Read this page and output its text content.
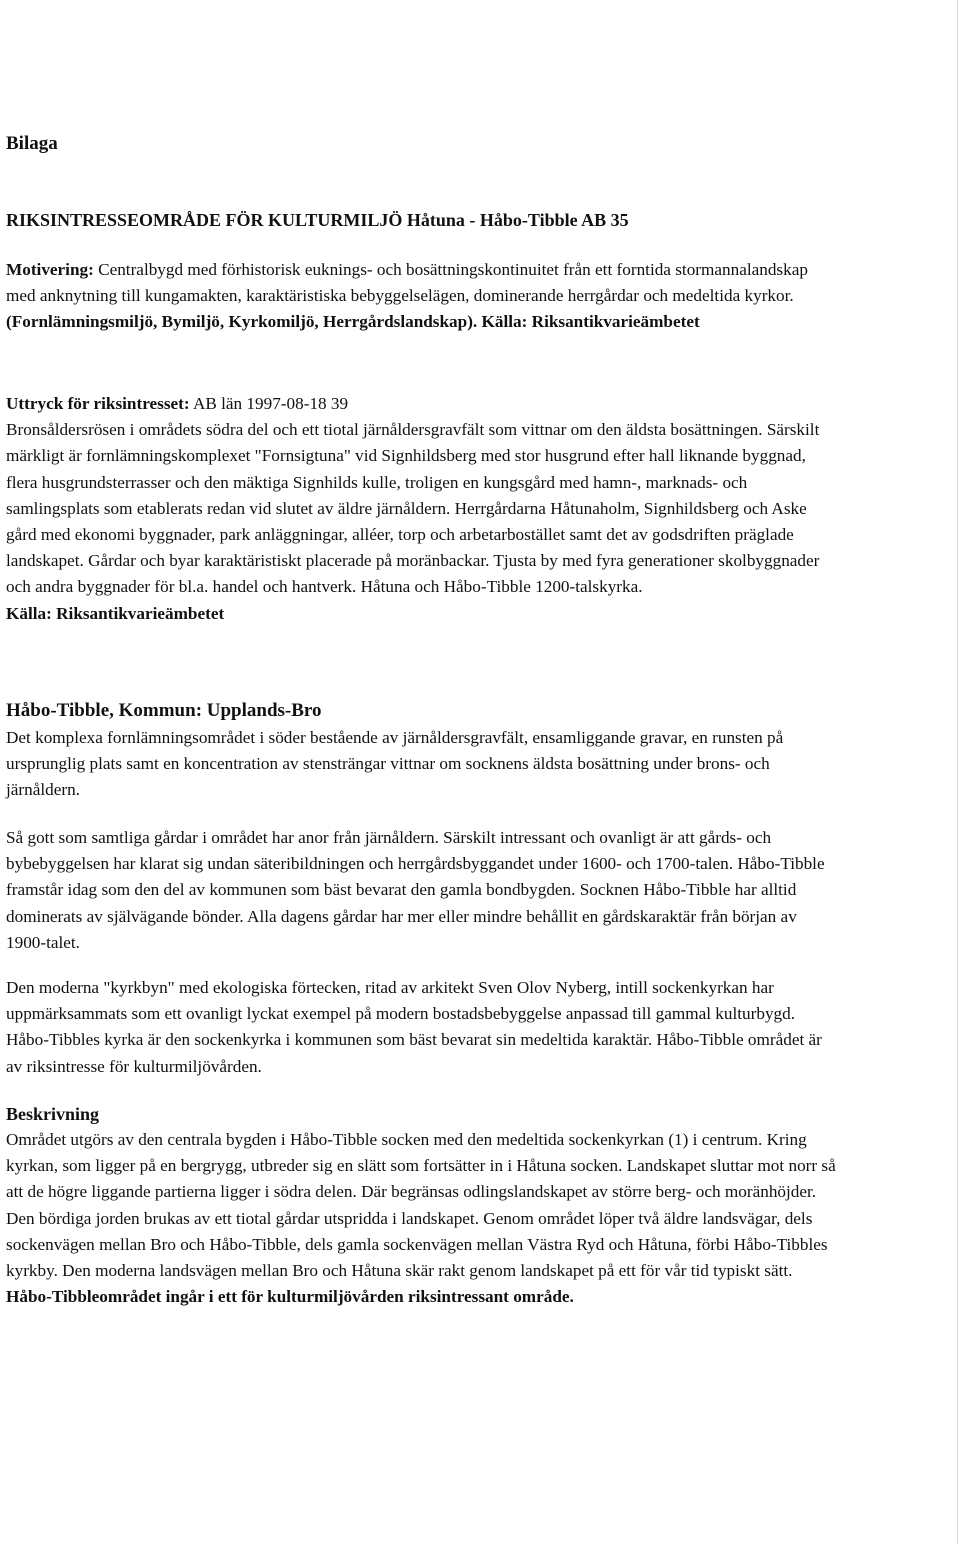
Bilaga
RIKSINTRESSEOMRÅDE FÖR KULTURMILJÖ Håtuna - Håbo-Tibble AB 35

Motivering: Centralbygd med förhistorisk euknings- och bosättningskontinuitet från ett forntida stormannalandskap med anknytning till kungamakten, karaktäristiska bebyggelselägen, dominerande herrgårdar och medeltida kyrkor.
(Fornlämningsmiljö, Bymiljö, Kyrkomiljö, Herrgårdslandskap). Källa: Riksantikvarieämbetet

Uttryck för riksintresset: AB län 1997-08-18 39
Bronsåldersrösen i områdets södra del och ett tiotal järnåldersgravfält som vittnar om den äldsta bosättningen. Särskilt märkligt är fornlämningskomplexet "Fornsigtuna" vid Signhildsberg med stor husgrund efter hall liknande byggnad, flera husgrundsterrasser och den mäktiga Signhilds kulle, troligen en kungsgård med hamn-, marknads- och samlingsplats som etablerats redan vid slutet av äldre järnåldern. Herrgårdarna Håtunaholm, Signhildsberg och Aske gård med ekonomi byggnader, park anläggningar, alléer, torp och arbetarbostället samt det av godsdriften präglade landskapet. Gårdar och byar karaktäristiskt placerade på moränbackar. Tjusta by med fyra generationer skolbyggnader och andra byggnader för bl.a. handel och hantverk. Håtuna och Håbo-Tibble 1200-talskyrka.
Källa: Riksantikvarieämbetet

Håbo-Tibble, Kommun: Upplands-Bro

Det komplexa fornlämningsområdet i söder bestående av järnåldersgravfält, ensamliggande gravar, en runsten på ursprunglig plats samt en koncentration av stensträngar vittnar om socknens äldsta bosättning under brons- och järnåldern.

Så gott som samtliga gårdar i området har anor från järnåldern. Särskilt intressant och ovanligt är att gårds- och bybebyggelsen har klarat sig undan säteribildningen och herrgårdsbyggandet under 1600- och 1700-talen. Håbo-Tibble framstår idag som den del av kommunen som bäst bevarat den gamla bondbygden. Socknen Håbo-Tibble har alltid dominerats av självägande bönder. Alla dagens gårdar har mer eller mindre behållit en gårdskaraktär från början av 1900-talet.

Den moderna "kyrkbyn" med ekologiska förtecken, ritad av arkitekt Sven Olov Nyberg, intill sockenkyrkan har uppmärksammats som ett ovanligt lyckat exempel på modern bostadsbebyggelse anpassad till gammal kulturbygd. Håbo-Tibbles kyrka är den sockenkyrka i kommunen som bäst bevarat sin medeltida karaktär. Håbo-Tibble området är av riksintresse för kulturmiljövården.

Beskrivning

Området utgörs av den centrala bygden i Håbo-Tibble socken med den medeltida sockenkyrkan (1) i centrum. Kring kyrkan, som ligger på en bergrygg, utbreder sig en slätt som fortsätter in i Håtuna socken. Landskapet sluttar mot norr så att de högre liggande partierna ligger i södra delen. Där begränsas odlingslandskapet av större berg- och moränhöjder. Den bördiga jorden brukas av ett tiotal gårdar utspridda i landskapet. Genom området löper två äldre landsvägar, dels sockenvägen mellan Bro och Håbo-Tibble, dels gamla sockenvägen mellan Västra Ryd och Håtuna, förbi Håbo-Tibbles kyrkby. Den moderna landsvägen mellan Bro och Håtuna skär rakt genom landskapet på ett för vår tid typiskt sätt. Håbo-Tibbleområdet ingår i ett för kulturmiljövården riksintressant område.
